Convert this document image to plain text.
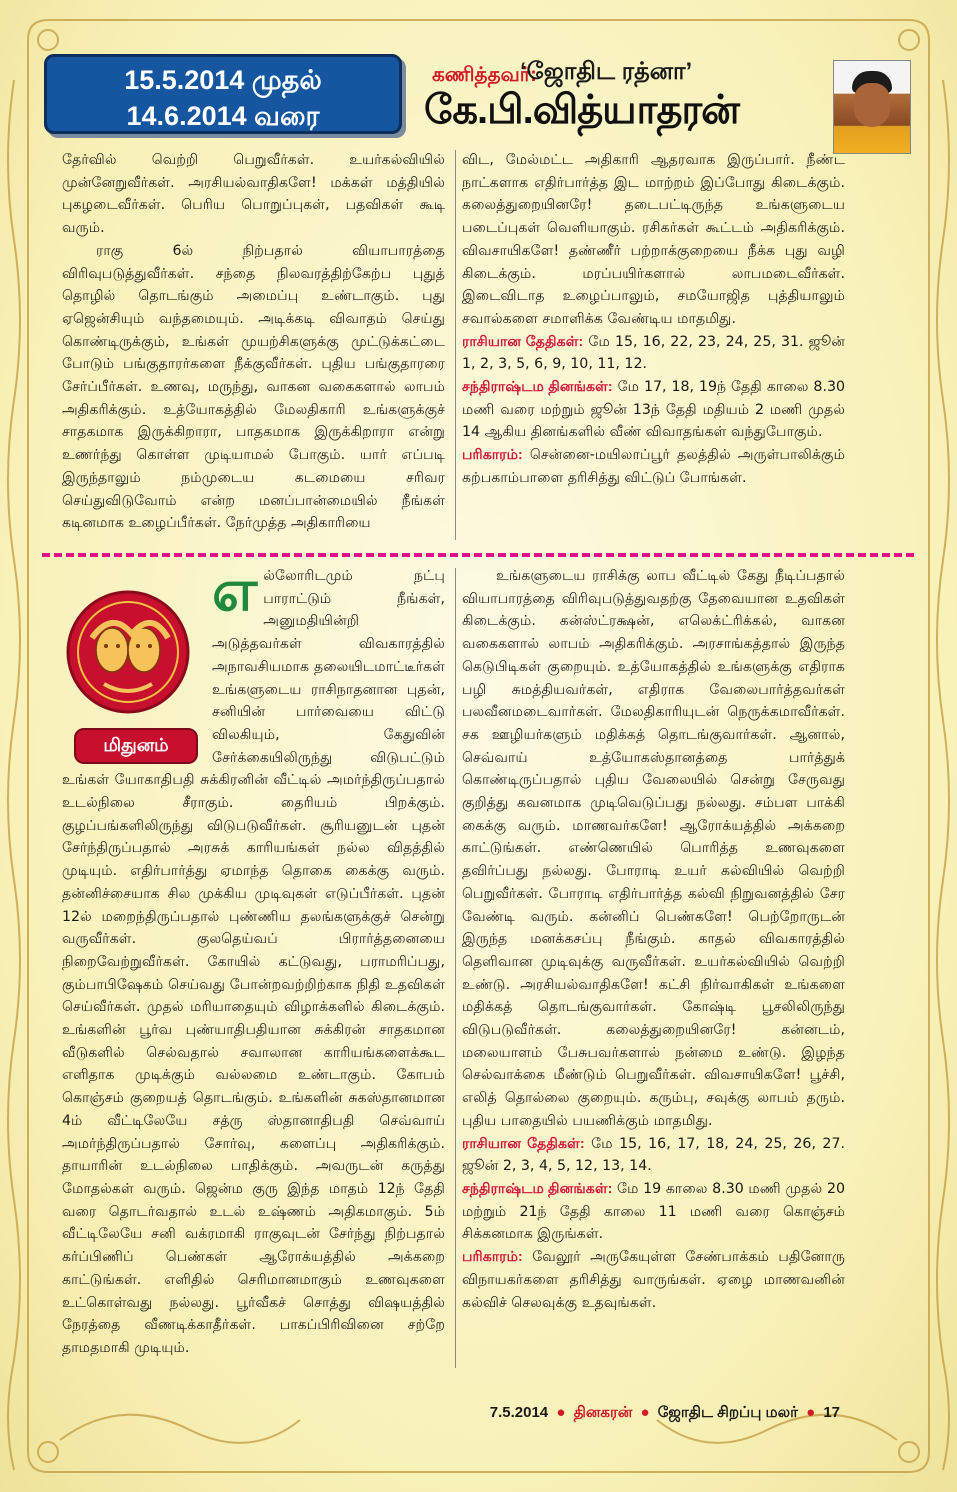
15.5.2014 முதல்
14.6.2014 வரை
கணித்தவர்:
‘ஜோதிட ரத்னா’
கே.பி.வித்யாதரன்

தேர்வில் வெற்றி பெறுவீர்கள். உயர்கல்வியில் முன்னேறுவீர்கள். அரசியல்வாதிகளே! மக்கள் மத்தியில் புகழடைவீர்கள். பெரிய பொறுப்புகள், பதவிகள் கூடி வரும்.

ராகு 6ல் நிற்பதால் வியாபாரத்தை விரிவுபடுத்துவீர்கள். சந்தை நிலவரத்திற்கேற்ப புதுத் தொழில் தொடங்கும் அமைப்பு உண்டாகும். புது ஏஜென்சியும் வந்தமையும். அடிக்கடி விவாதம் செய்து கொண்டிருக்கும், உங்கள் முயற்சிகளுக்கு முட்டுக்கட்டை போடும் பங்குதாரர்களை நீக்குவீர்கள். புதிய பங்குதாரரை சேர்ப்பீர்கள். உணவு, மருந்து, வாகன வகைகளால் லாபம் அதிகரிக்கும். உத்யோகத்தில் மேலதிகாரி உங்களுக்குச் சாதகமாக இருக்கிறாரா, பாதகமாக இருக்கிறாரா என்று உணர்ந்து கொள்ள முடியாமல் போகும். யார் எப்படி இருந்தாலும் நம்முடைய கடமையை சரிவர செய்துவிடுவோம் என்ற மனப்பான்மையில் நீங்கள் கடினமாக உழைப்பீர்கள். நேர்முத்த அதிகாரியை

விட, மேல்மட்ட அதிகாரி ஆதரவாக இருப்பார். நீண்ட நாட்களாக எதிர்பார்த்த இட மாற்றம் இப்போது கிடைக்கும். கலைத்துறையினரே! தடைபட்டிருந்த உங்களுடைய படைப்புகள் வெளியாகும். ரசிகர்கள் கூட்டம் அதிகரிக்கும். விவசாயிகளே! தண்ணீர் பற்றாக்குறையை நீக்க புது வழி கிடைக்கும். மரப்பயிர்களால் லாபமடைவீர்கள். இடைவிடாத உழைப்பாலும், சமயோஜித புத்தியாலும் சவால்களை சமாளிக்க வேண்டிய மாதமிது.

ராசியான தேதிகள்: மே 15, 16, 22, 23, 24, 25, 31. ஜூன் 1, 2, 3, 5, 6, 9, 10, 11, 12.

சந்திராஷ்டம தினங்கள்: மே 17, 18, 19ந் தேதி காலை 8.30 மணி வரை மற்றும் ஜூன் 13ந் தேதி மதியம் 2 மணி முதல் 14 ஆகிய தினங்களில் வீண் விவாதங்கள் வந்துபோகும்.

பரிகாரம்: சென்னை-மயிலாப்பூர் தலத்தில் அருள்பாலிக்கும் கற்பகாம்பாளை தரிசித்து விட்டுப் போங்கள்.

மிதுனம்

எல்லோரிடமும் நட்பு பாராட்டும் நீங்கள், அனுமதியின்றி அடுத்தவர்கள் விவகாரத்தில் அநாவசியமாக தலையிடமாட்டீர்கள் உங்களுடைய ராசிநாதனான புதன், சனியின் பார்வையை விட்டு விலகியும், கேதுவின் சேர்க்கையிலிருந்து விடுபட்டும் உங்கள் யோகாதிபதி சுக்கிரனின் வீட்டில் அமர்ந்திருப்பதால் உடல்நிலை சீராகும். தைரியம் பிறக்கும். குழப்பங்களிலிருந்து விடுபடுவீர்கள். சூரியனுடன் புதன் சேர்ந்திருப்பதால் அரசுக் காரியங்கள் நல்ல விதத்தில் முடியும். எதிர்பார்த்து ஏமாந்த தொகை கைக்கு வரும். தன்னிச்சையாக சில முக்கிய முடிவுகள் எடுப்பீர்கள். புதன் 12ல் மறைந்திருப்பதால் புண்ணிய தலங்களுக்குச் சென்று வருவீர்கள். குலதெய்வப் பிரார்த்தனையை நிறைவேற்றுவீர்கள். கோயில் கட்டுவது, பராமரிப்பது, கும்பாபிஷேகம் செய்வது போன்றவற்றிற்காக நிதி உதவிகள் செய்வீர்கள். முதல் மரியாதையும் விழாக்களில் கிடைக்கும். உங்களின் பூர்வ புண்யாதிபதியான சுக்கிரன் சாதகமான வீடுகளில் செல்வதால் சவாலான காரியங்களைக்கூட எளிதாக முடிக்கும் வல்லமை உண்டாகும். கோபம் கொஞ்சம் குறையத் தொடங்கும். உங்களின் சுகஸ்தானமான 4ம் வீட்டிலேயே சத்ரு ஸ்தானாதிபதி செவ்வாய் அமர்ந்திருப்பதால் சோர்வு, களைப்பு அதிகரிக்கும். தாயாரின் உடல்நிலை பாதிக்கும். அவருடன் கருத்து மோதல்கள் வரும். ஜென்ம குரு இந்த மாதம் 12ந் தேதி வரை தொடர்வதால் உடல் உஷ்ணம் அதிகமாகும். 5ம் வீட்டிலேயே சனி வக்ரமாகி ராகுவுடன் சேர்ந்து நிற்பதால் கர்ப்பிணிப் பெண்கள் ஆரோக்யத்தில் அக்கறை காட்டுங்கள். எளிதில் செரிமானமாகும் உணவுகளை உட்கொள்வது நல்லது. பூர்வீகச் சொத்து விஷயத்தில் நேரத்தை வீணடிக்காதீர்கள். பாகப்பிரிவினை சற்றே தாமதமாகி முடியும்.

உங்களுடைய ராசிக்கு லாப வீட்டில் கேது நீடிப்பதால் வியாபாரத்தை விரிவுபடுத்துவதற்கு தேவையான உதவிகள் கிடைக்கும். கன்ஸ்ட்ரக்ஷன், எலெக்ட்ரிக்கல், வாகன வகைகளால் லாபம் அதிகரிக்கும். அரசாங்கத்தால் இருந்த கெடுபிடிகள் குறையும். உத்யோகத்தில் உங்களுக்கு எதிராக பழி சுமத்தியவர்கள், எதிராக வேலைபார்த்தவர்கள் பலவீனமடைவார்கள். மேலதிகாரியுடன் நெருக்கமாவீர்கள். சக ஊழியர்களும் மதிக்கத் தொடங்குவார்கள். ஆனால், செவ்வாய் உத்யோகஸ்தானத்தை பார்த்துக் கொண்டிருப்பதால் புதிய வேலையில் சென்று சேருவது குறித்து கவனமாக முடிவெடுப்பது நல்லது. சம்பள பாக்கி கைக்கு வரும். மாணவர்களே! ஆரோக்யத்தில் அக்கறை காட்டுங்கள். எண்ணெயில் பொரித்த உணவுகளை தவிர்ப்பது நல்லது. போராடி உயர் கல்வியில் வெற்றி பெறுவீர்கள். போராடி எதிர்பார்த்த கல்வி நிறுவனத்தில் சேர வேண்டி வரும். கன்னிப் பெண்களே! பெற்றோருடன் இருந்த மனக்கசப்பு நீங்கும். காதல் விவகாரத்தில் தெளிவான முடிவுக்கு வருவீர்கள். உயர்கல்வியில் வெற்றி உண்டு. அரசியல்வாதிகளே! கட்சி நிர்வாகிகள் உங்களை மதிக்கத் தொடங்குவார்கள். கோஷ்டி பூசலிலிருந்து விடுபடுவீர்கள். கலைத்துறையினரே! கன்னடம், மலையாளம் பேசுபவர்களால் நன்மை உண்டு. இழந்த செல்வாக்கை மீண்டும் பெறுவீர்கள். விவசாயிகளே! பூச்சி, எலித் தொல்லை குறையும். கரும்பு, சவுக்கு லாபம் தரும். புதிய பாதையில் பயணிக்கும் மாதமிது.

ராசியான தேதிகள்: மே 15, 16, 17, 18, 24, 25, 26, 27. ஜூன் 2, 3, 4, 5, 12, 13, 14.

சந்திராஷ்டம தினங்கள்: மே 19 காலை 8.30 மணி முதல் 20 மற்றும் 21ந் தேதி காலை 11 மணி வரை கொஞ்சம் சிக்கனமாக இருங்கள்.

பரிகாரம்: வேலூர் அருகேயுள்ள சேண்பாக்கம் பதினோரு விநாயகர்களை தரிசித்து வாருங்கள். ஏழை மாணவனின் கல்விச் செலவுக்கு உதவுங்கள்.

7.5.2014 ● தினகரன் ● ஜோதிட சிறப்பு மலர் ● 17
